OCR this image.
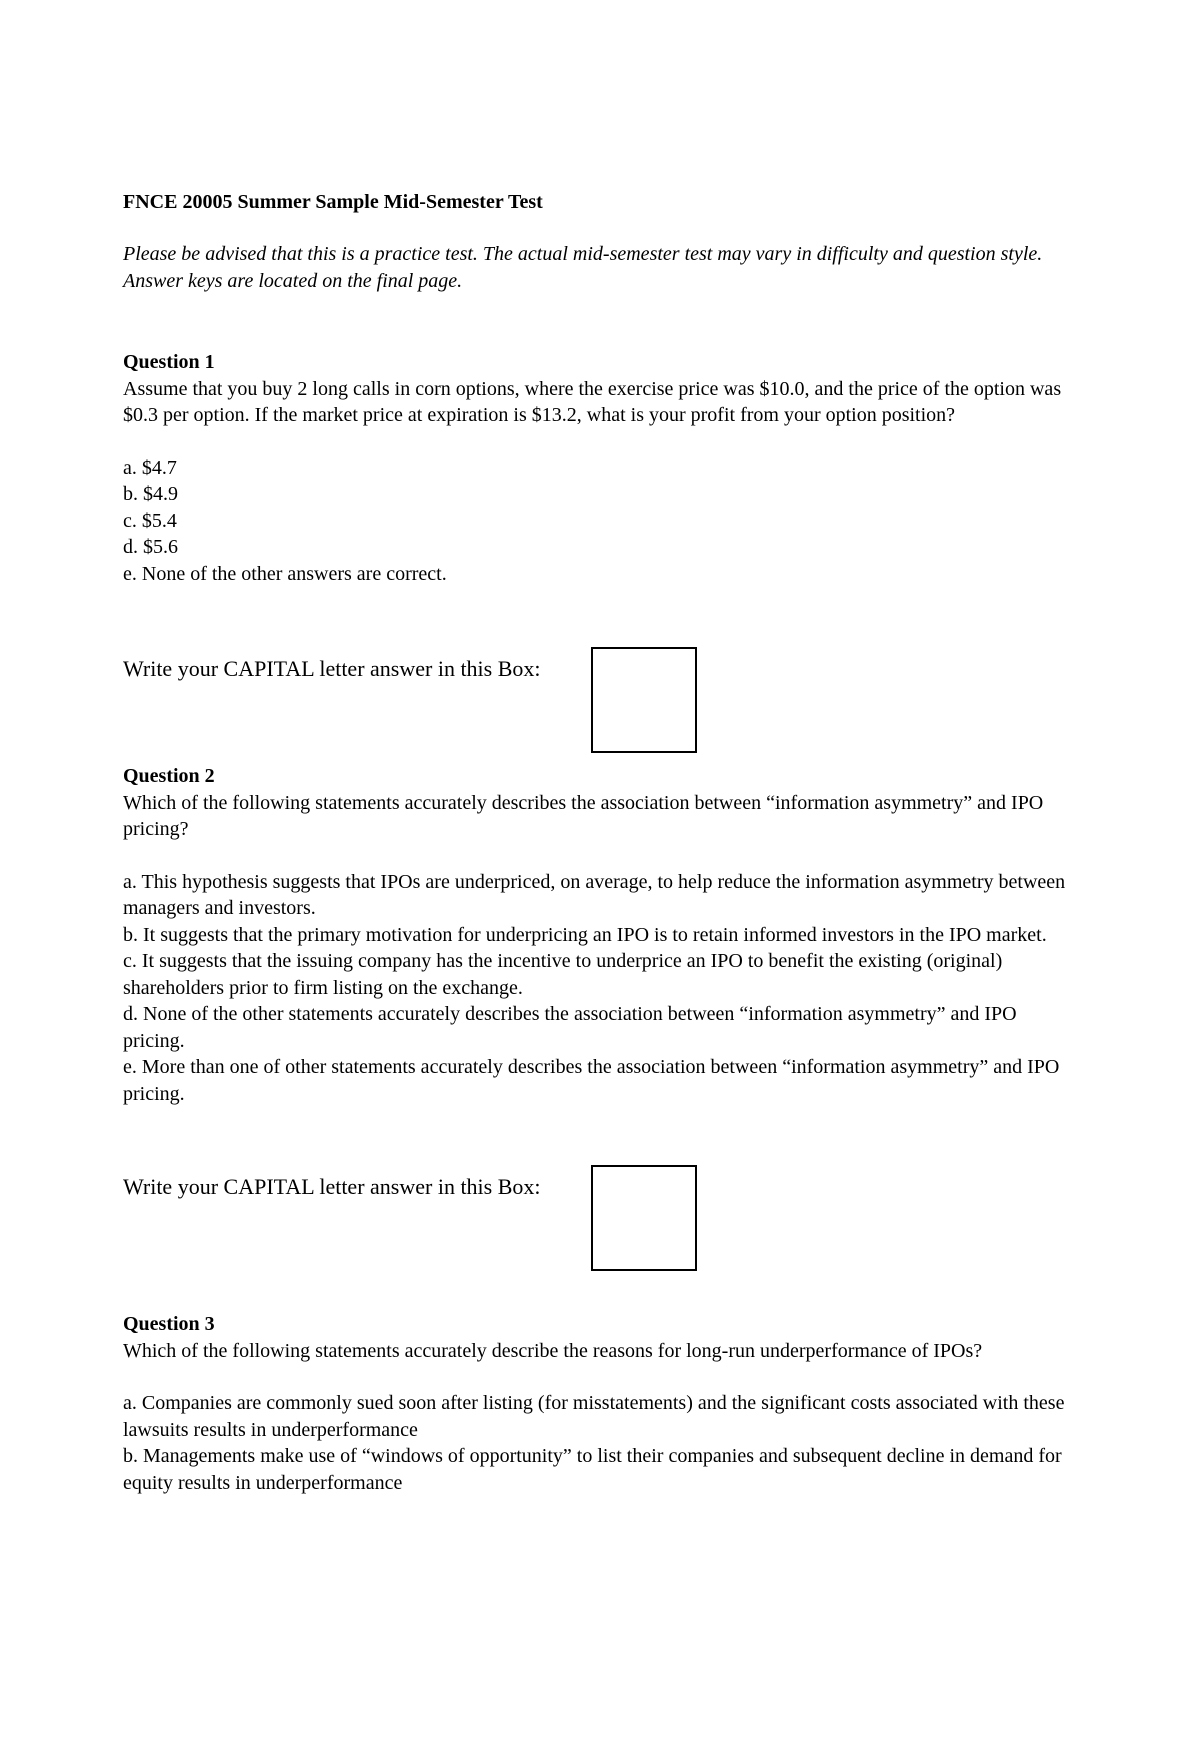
FNCE 20005 Summer Sample Mid-Semester Test

Please be advised that this is a practice test. The actual mid-semester test may vary in difficulty and question style. Answer keys are located on the final page.

Question 1

Assume that you buy 2 long calls in corn options, where the exercise price was $10.0, and the price of the option was $0.3 per option. If the market price at expiration is $13.2, what is your profit from your option position?

a. $4.7
b. $4.9
c. $5.4
d. $5.6
e. None of the other answers are correct.
Write your CAPITAL letter answer in this Box:

Question 2

Which of the following statements accurately describes the association between “information asymmetry” and IPO pricing?

a. This hypothesis suggests that IPOs are underpriced, on average, to help reduce the information asymmetry between managers and investors.
b. It suggests that the primary motivation for underpricing an IPO is to retain informed investors in the IPO market.
c. It suggests that the issuing company has the incentive to underprice an IPO to benefit the existing (original) shareholders prior to firm listing on the exchange.
d. None of the other statements accurately describes the association between “information asymmetry” and IPO pricing.
e. More than one of other statements accurately describes the association between “information asymmetry” and IPO pricing.
Write your CAPITAL letter answer in this Box:

Question 3

Which of the following statements accurately describe the reasons for long-run underperformance of IPOs?

a. Companies are commonly sued soon after listing (for misstatements) and the significant costs associated with these lawsuits results in underperformance
b. Managements make use of “windows of opportunity” to list their companies and subsequent decline in demand for equity results in underperformance
